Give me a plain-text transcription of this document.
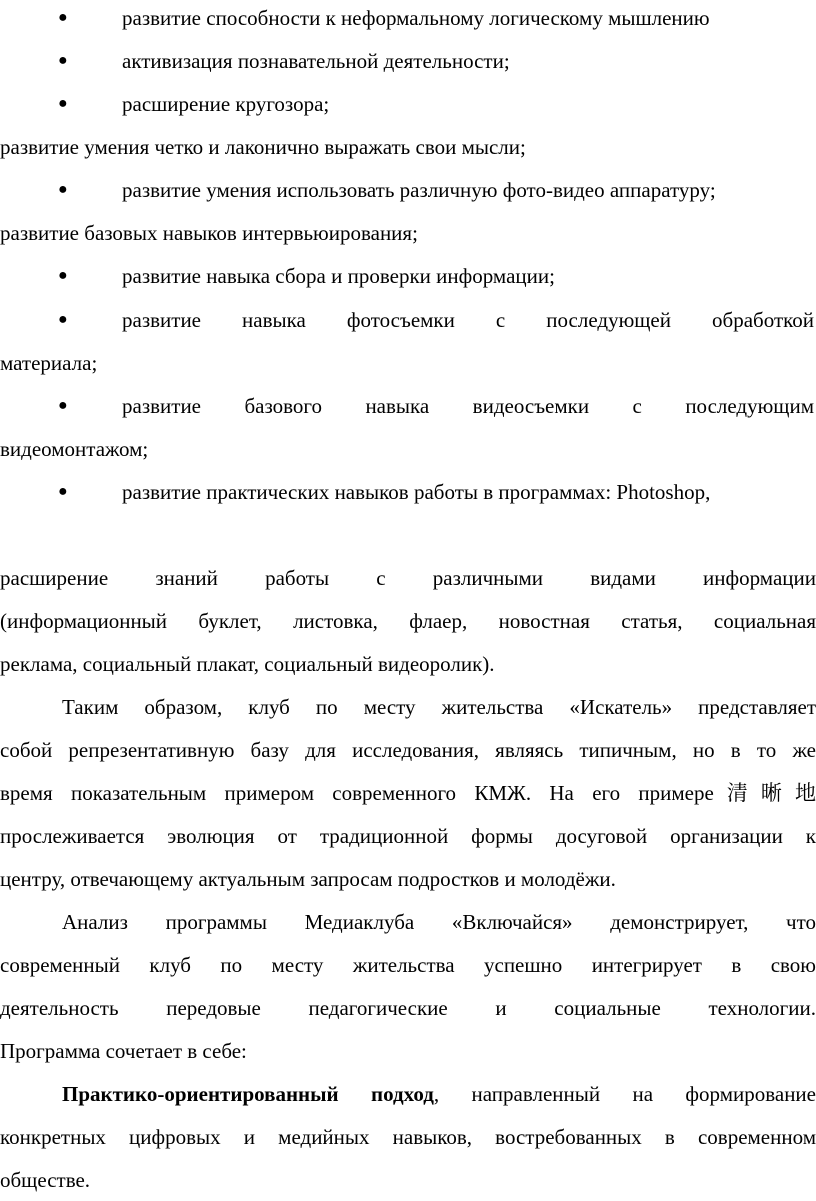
●	развитие способности к неформальному логическому мышлению
●	активизация познавательной деятельности;
●	расширение кругозора;
развитие умения четко и лаконично выражать свои мысли;
●	развитие умения использовать различную фото-видео аппаратуру;
развитие базовых навыков интервьюирования;
●	развитие навыка сбора и проверки информации;
●	развитие навыка фотосъемки с последующей обработкой
материала;
●	развитие базового навыка видеосъемки с последующим
видеомонтажом;
●	развитие практических навыков работы в программах: Photoshop,
расширение знаний работы с различными видами информации
(информационный буклет, листовка, флаер, новостная статья, социальная
реклама, социальный плакат, социальный видеоролик).
Таким образом, клуб по месту жительства «Искатель» представляет
собой репрезентативную базу для исследования, являясь типичным, но в то же
время показательным примером современного КМЖ. На его примере清晰地
прослеживается эволюция от традиционной формы досуговой организации к
центру, отвечающему актуальным запросам подростков и молодёжи.
Анализ программы Медиаклуба «Включайся» демонстрирует, что
современный клуб по месту жительства успешно интегрирует в свою
деятельность передовые педагогические и социальные технологии.
Программа сочетает в себе:
Практико-ориентированный подход, направленный на формирование
конкретных цифровых и медийных навыков, востребованных в современном
обществе.
